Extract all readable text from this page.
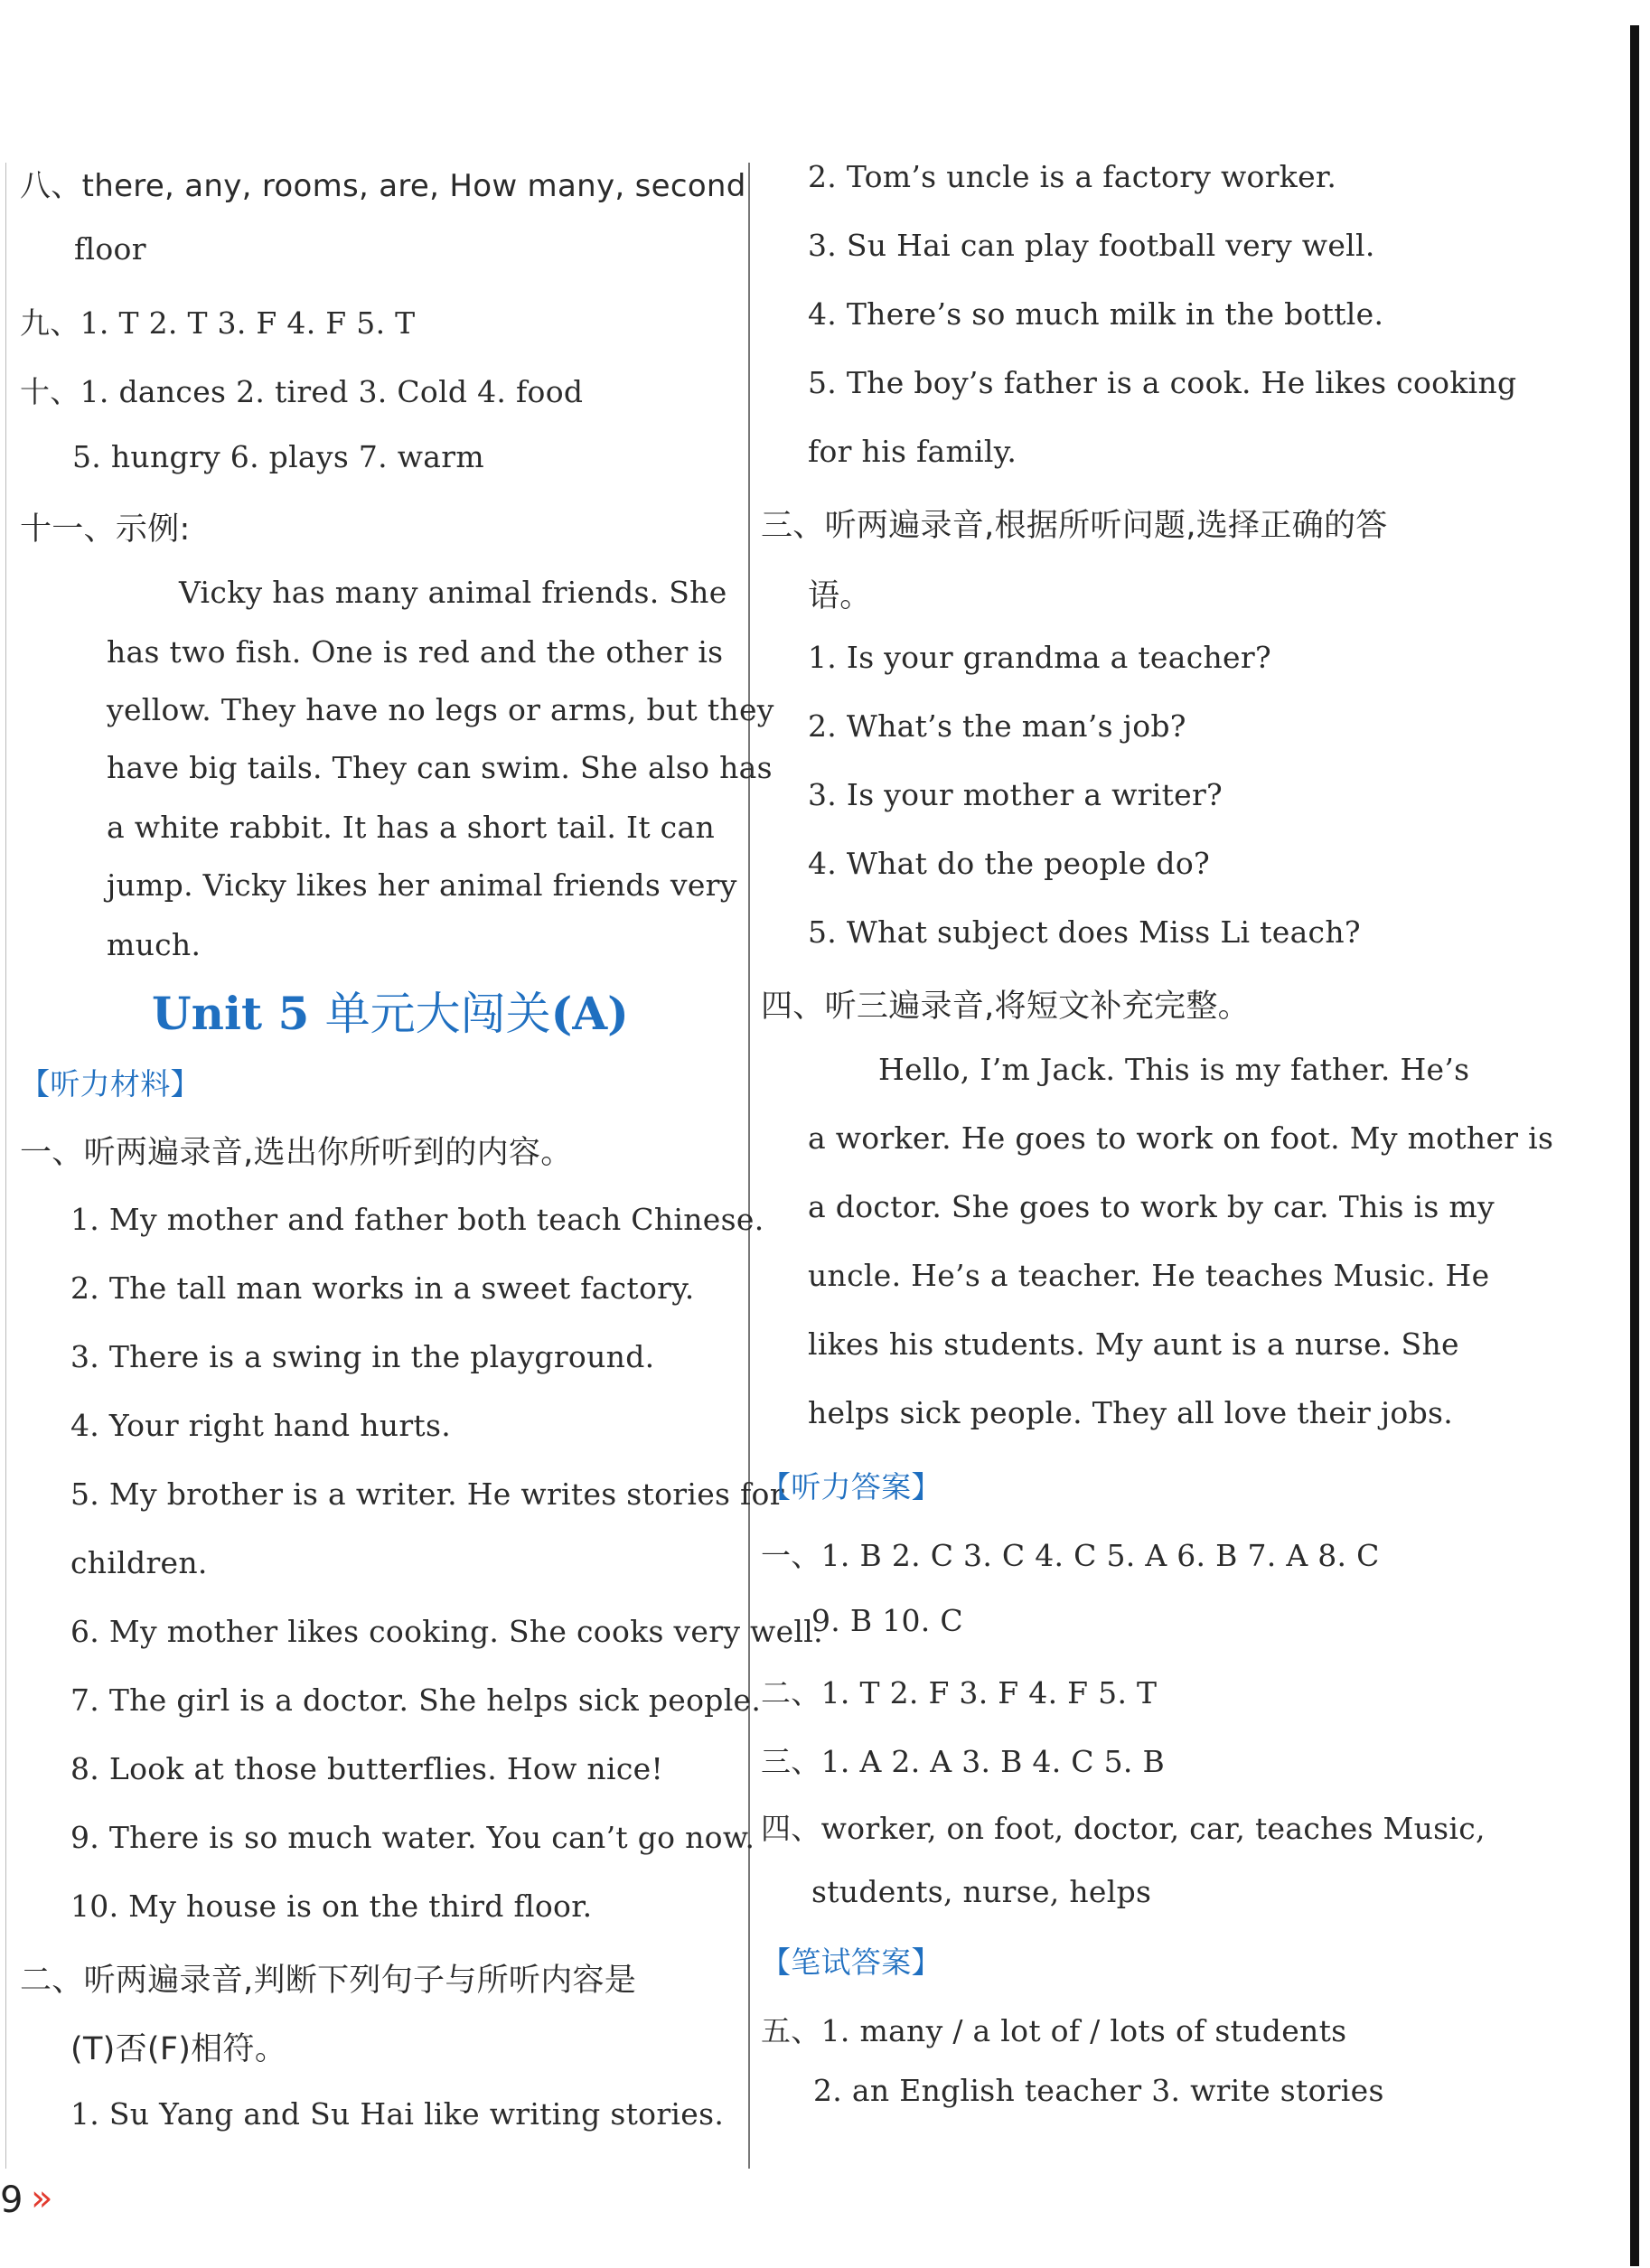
八、there, any, rooms, are, How many, second
floor
九、1. T 2. T 3. F 4. F 5. T
十、1. dances 2. tired 3. Cold 4. food
5. hungry 6. plays 7. warm
十一、示例:
Vicky has many animal friends. She
has two fish. One is red and the other is
yellow. They have no legs or arms, but they
have big tails. They can swim. She also has
a white rabbit. It has a short tail. It can
jump. Vicky likes her animal friends very
much.
Unit 5 单元大闯关(A)
【听力材料】
一、听两遍录音,选出你所听到的内容。
1. My mother and father both teach Chinese.
2. The tall man works in a sweet factory.
3. There is a swing in the playground.
4. Your right hand hurts.
5. My brother is a writer. He writes stories for
children.
6. My mother likes cooking. She cooks very well.
7. The girl is a doctor. She helps sick people.
8. Look at those butterflies. How nice!
9. There is so much water. You can’t go now.
10. My house is on the third floor.
二、听两遍录音,判断下列句子与所听内容是
(T)否(F)相符。
1. Su Yang and Su Hai like writing stories.
2. Tom’s uncle is a factory worker.
3. Su Hai can play football very well.
4. There’s so much milk in the bottle.
5. The boy’s father is a cook. He likes cooking
for his family.
三、听两遍录音,根据所听问题,选择正确的答
语。
1. Is your grandma a teacher?
2. What’s the man’s job?
3. Is your mother a writer?
4. What do the people do?
5. What subject does Miss Li teach?
四、听三遍录音,将短文补充完整。
Hello, I’m Jack. This is my father. He’s
a worker. He goes to work on foot. My mother is
a doctor. She goes to work by car. This is my
uncle. He’s a teacher. He teaches Music. He
likes his students. My aunt is a nurse. She
helps sick people. They all love their jobs.
【听力答案】
一、1. B 2. C 3. C 4. C 5. A 6. B 7. A 8. C
9. B 10. C
二、1. T 2. F 3. F 4. F 5. T
三、1. A 2. A 3. B 4. C 5. B
四、worker, on foot, doctor, car, teaches Music,
students, nurse, helps
【笔试答案】
五、1. many / a lot of / lots of students
2. an English teacher 3. write stories
9 »
